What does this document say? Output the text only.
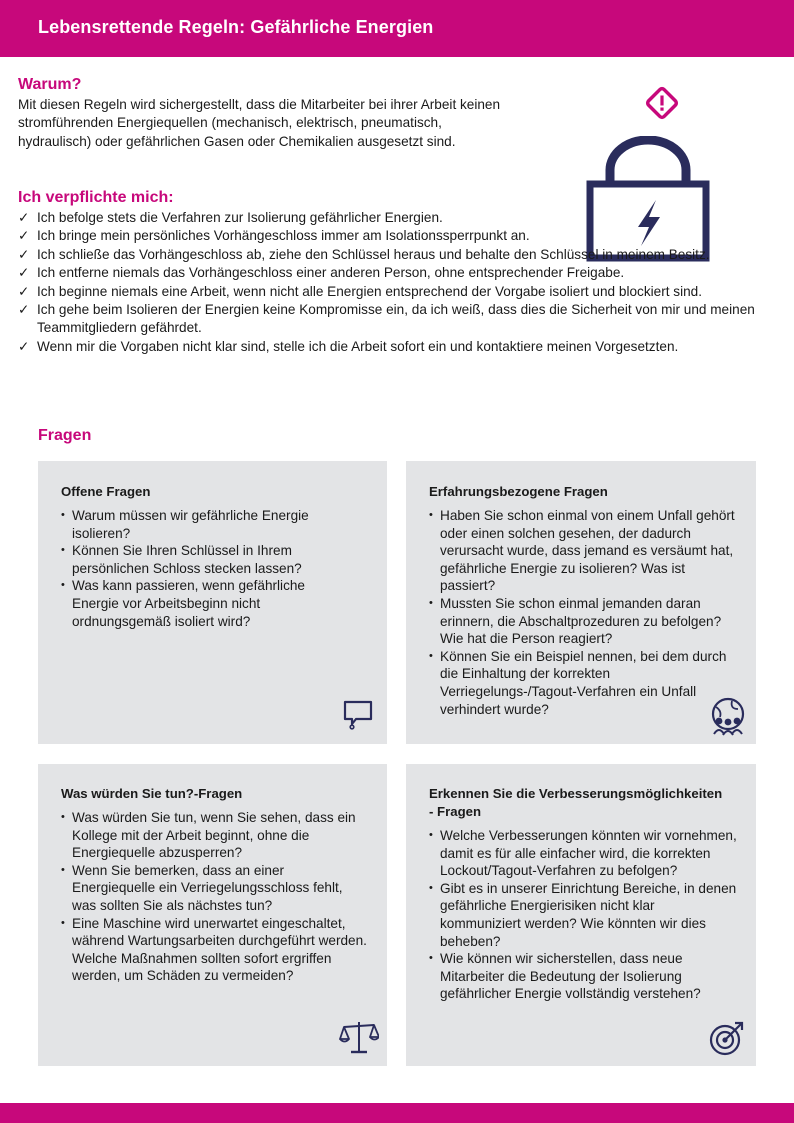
Lebensrettende Regeln: Gefährliche Energien
Warum?

Mit diesen Regeln wird sichergestellt, dass die Mitarbeiter bei ihrer Arbeit keinen stromführenden Energiequellen (mechanisch, elektrisch, pneumatisch, hydraulisch) oder gefährlichen Gasen oder Chemikalien ausgesetzt sind.

Ich verpflichte mich:
✓ Ich befolge stets die Verfahren zur Isolierung gefährlicher Energien.
✓ Ich bringe mein persönliches Vorhängeschloss immer am Isolationssperrpunkt an.
✓ Ich schließe das Vorhängeschloss ab, ziehe den Schlüssel heraus und behalte den Schlüssel in meinem Besitz.
✓ Ich entferne niemals das Vorhängeschloss einer anderen Person, ohne entsprechender Freigabe.
✓ Ich beginne niemals eine Arbeit, wenn nicht alle Energien entsprechend der Vorgabe isoliert und blockiert sind.
✓ Ich gehe beim Isolieren der Energien keine Kompromisse ein, da ich weiß, dass dies die Sicherheit von mir und meinen Teammitgliedern gefährdet.
✓ Wenn mir die Vorgaben nicht klar sind, stelle ich die Arbeit sofort ein und kontaktiere meinen Vorgesetzten.
Fragen
Offene Fragen
• Warum müssen wir gefährliche Energie isolieren?
• Können Sie Ihren Schlüssel in Ihrem persönlichen Schloss stecken lassen?
• Was kann passieren, wenn gefährliche Energie vor Arbeitsbeginn nicht ordnungsgemäß isoliert wird?
Erfahrungsbezogene Fragen
• Haben Sie schon einmal von einem Unfall gehört oder einen solchen gesehen, der dadurch verursacht wurde, dass jemand es versäumt hat, gefährliche Energie zu isolieren? Was ist passiert?
• Mussten Sie schon einmal jemanden daran erinnern, die Abschaltprozeduren zu befolgen? Wie hat die Person reagiert?
• Können Sie ein Beispiel nennen, bei dem durch die Einhaltung der korrekten Verriegelungs-/Tagout-Verfahren ein Unfall verhindert wurde?
Was würden Sie tun?-Fragen
• Was würden Sie tun, wenn Sie sehen, dass ein Kollege mit der Arbeit beginnt, ohne die Energiequelle abzusperren?
• Wenn Sie bemerken, dass an einer Energiequelle ein Verriegelungsschloss fehlt, was sollten Sie als nächstes tun?
• Eine Maschine wird unerwartet eingeschaltet, während Wartungsarbeiten durchgeführt werden. Welche Maßnahmen sollten sofort ergriffen werden, um Schäden zu vermeiden?
Erkennen Sie die Verbesserungsmöglichkeiten - Fragen
• Welche Verbesserungen könnten wir vornehmen, damit es für alle einfacher wird, die korrekten Lockout/Tagout-Verfahren zu befolgen?
• Gibt es in unserer Einrichtung Bereiche, in denen gefährliche Energierisiken nicht klar kommuniziert werden? Wie könnten wir dies beheben?
• Wie können wir sicherstellen, dass neue Mitarbeiter die Bedeutung der Isolierung gefährlicher Energie vollständig verstehen?
